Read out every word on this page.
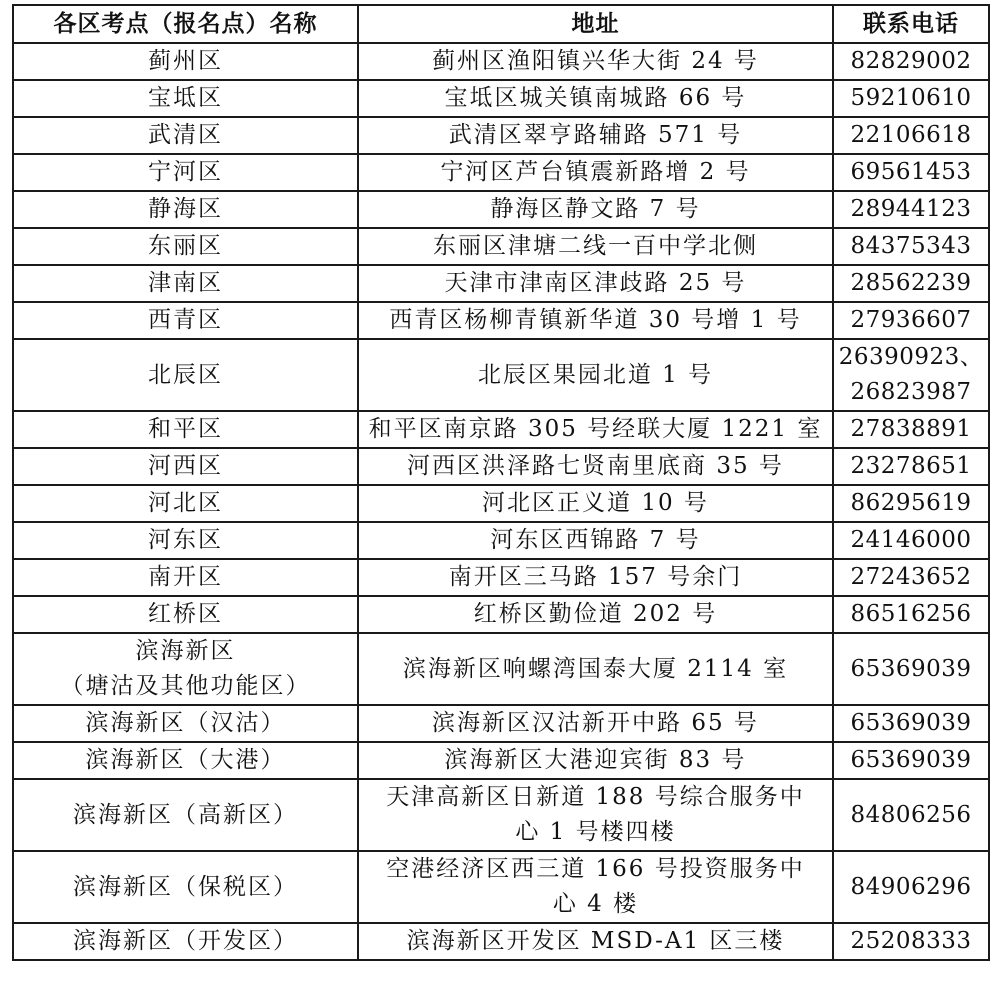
各区考点（报名点）名称	地址	联系电话

蓟州区	蓟州区渔阳镇兴华大街 24 号	82829002

宝坻区	宝坻区城关镇南城路 66 号	59210610

武清区	武清区翠亨路辅路 571 号	22106618

宁河区	宁河区芦台镇震新路增 2 号	69561453

静海区	静海区静文路 7 号	28944123

东丽区	东丽区津塘二线一百中学北侧	84375343

津南区	天津市津南区津歧路 25 号	28562239

西青区	西青区杨柳青镇新华道 30 号增 1 号	27936607

北辰区	北辰区果园北道 1 号	26390923、
26823987

和平区	和平区南京路 305 号经联大厦 1221 室	27838891

河西区	河西区洪泽路七贤南里底商 35 号	23278651

河北区	河北区正义道 10 号	86295619

河东区	河东区西锦路 7 号	24146000

南开区	南开区三马路 157 号余门	27243652

红桥区	红桥区勤俭道 202 号	86516256

滨海新区
（塘沽及其他功能区）	滨海新区响螺湾国泰大厦 2114 室	65369039

滨海新区（汉沽）	滨海新区汉沽新开中路 65 号	65369039

滨海新区（大港）	滨海新区大港迎宾街 83 号	65369039

滨海新区（高新区）	天津高新区日新道 188 号综合服务中
心 1 号楼四楼	84806256

滨海新区（保税区）	空港经济区西三道 166 号投资服务中
心 4 楼	84906296

滨海新区（开发区）	滨海新区开发区 MSD-A1 区三楼	25208333
